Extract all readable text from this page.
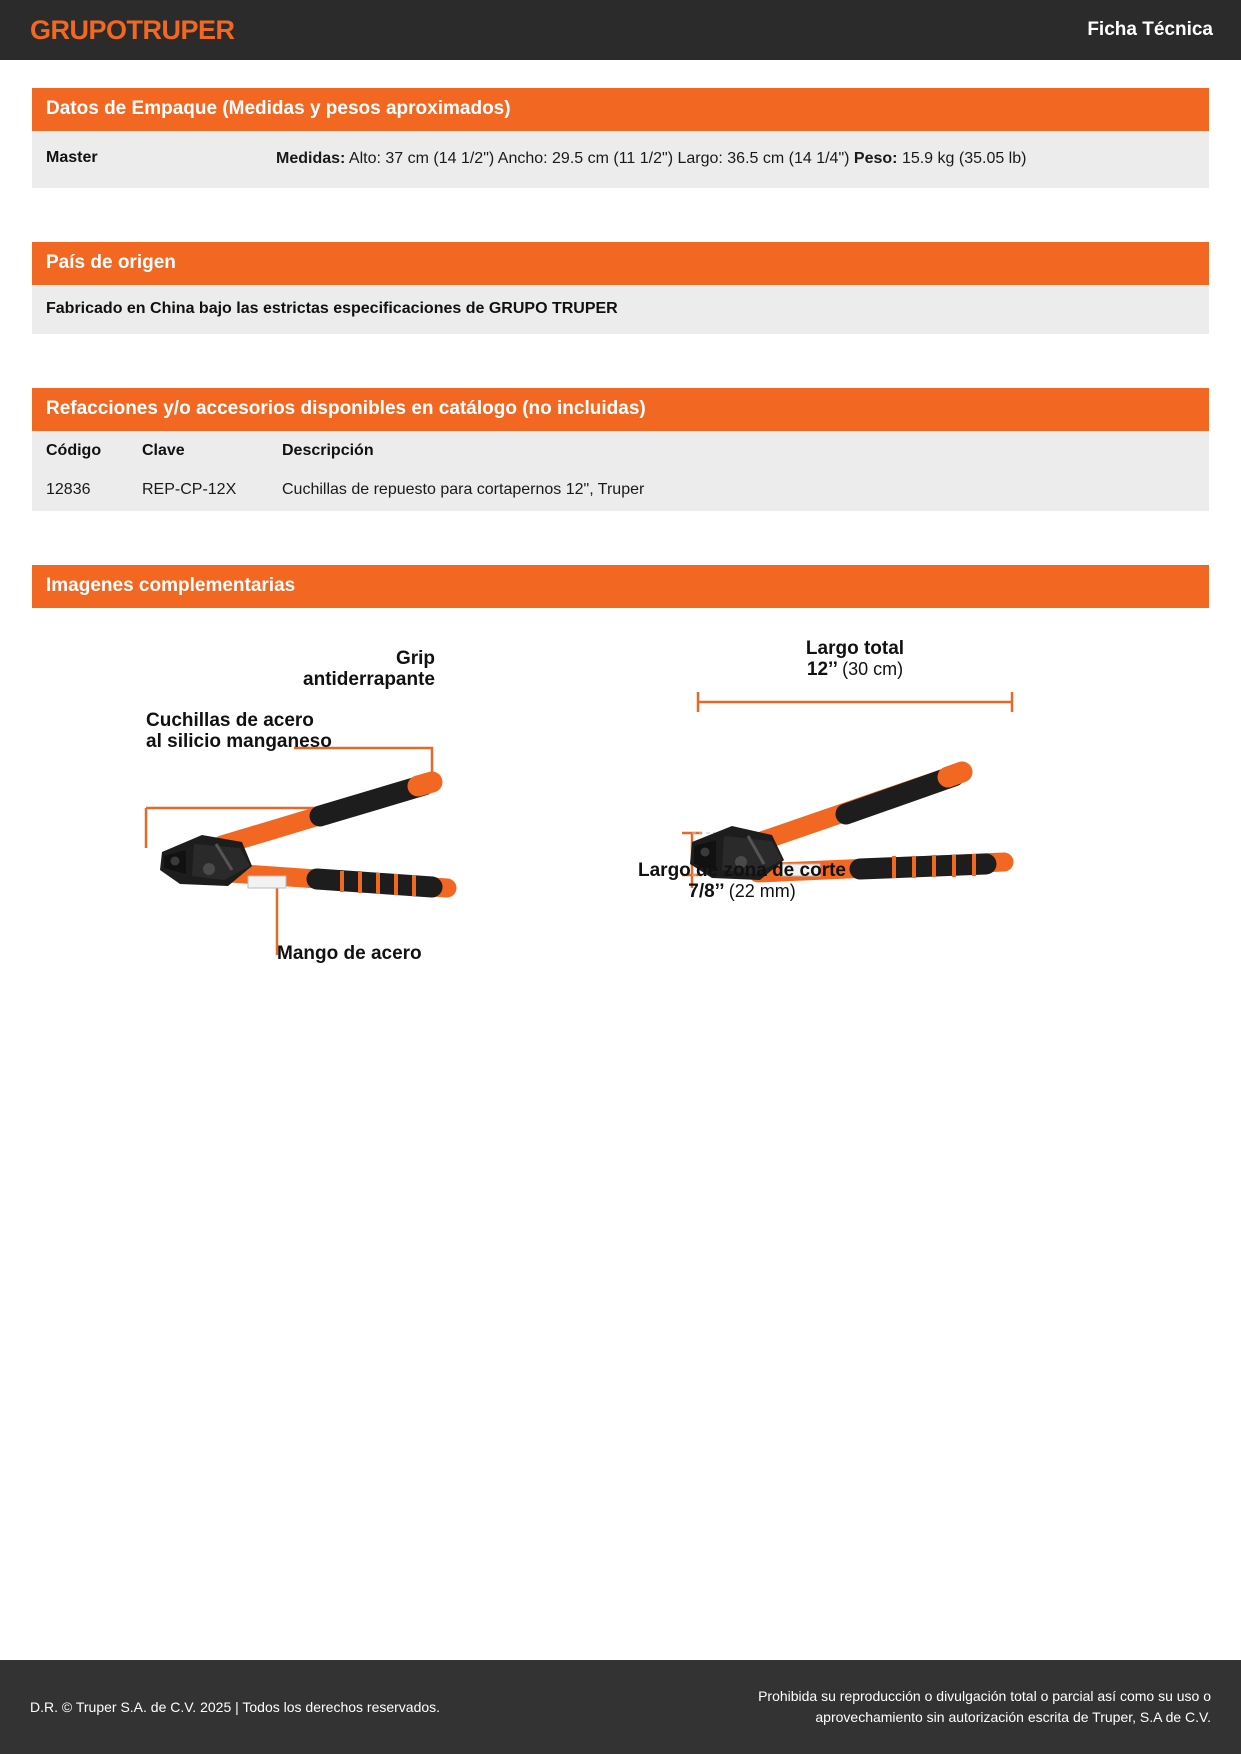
GRUPOTRUPER	Ficha Técnica
Datos de Empaque (Medidas y pesos aproximados)
Master	Medidas: Alto: 37 cm (14 1/2") Ancho: 29.5 cm (11 1/2") Largo: 36.5 cm (14 1/4") Peso: 15.9 kg (35.05 lb)
País de origen
Fabricado en China bajo las estrictas especificaciones de GRUPO TRUPER
Refacciones y/o accesorios disponibles en catálogo (no incluidas)
Código	Clave	Descripción
12836	REP-CP-12X	Cuchillas de repuesto para cortapernos 12", Truper
Imagenes complementarias
Grip
antiderrapante
Cuchillas de acero
al silicio manganeso
Mango de acero
Largo total
12’’ (30 cm)
Largo de zona de corte
7/8’’ (22 mm)
D.R. © Truper S.A. de C.V. 2025 | Todos los derechos reservados.
Prohibida su reproducción o divulgación total o parcial así como su uso o
aprovechamiento sin autorización escrita de Truper, S.A de C.V.
